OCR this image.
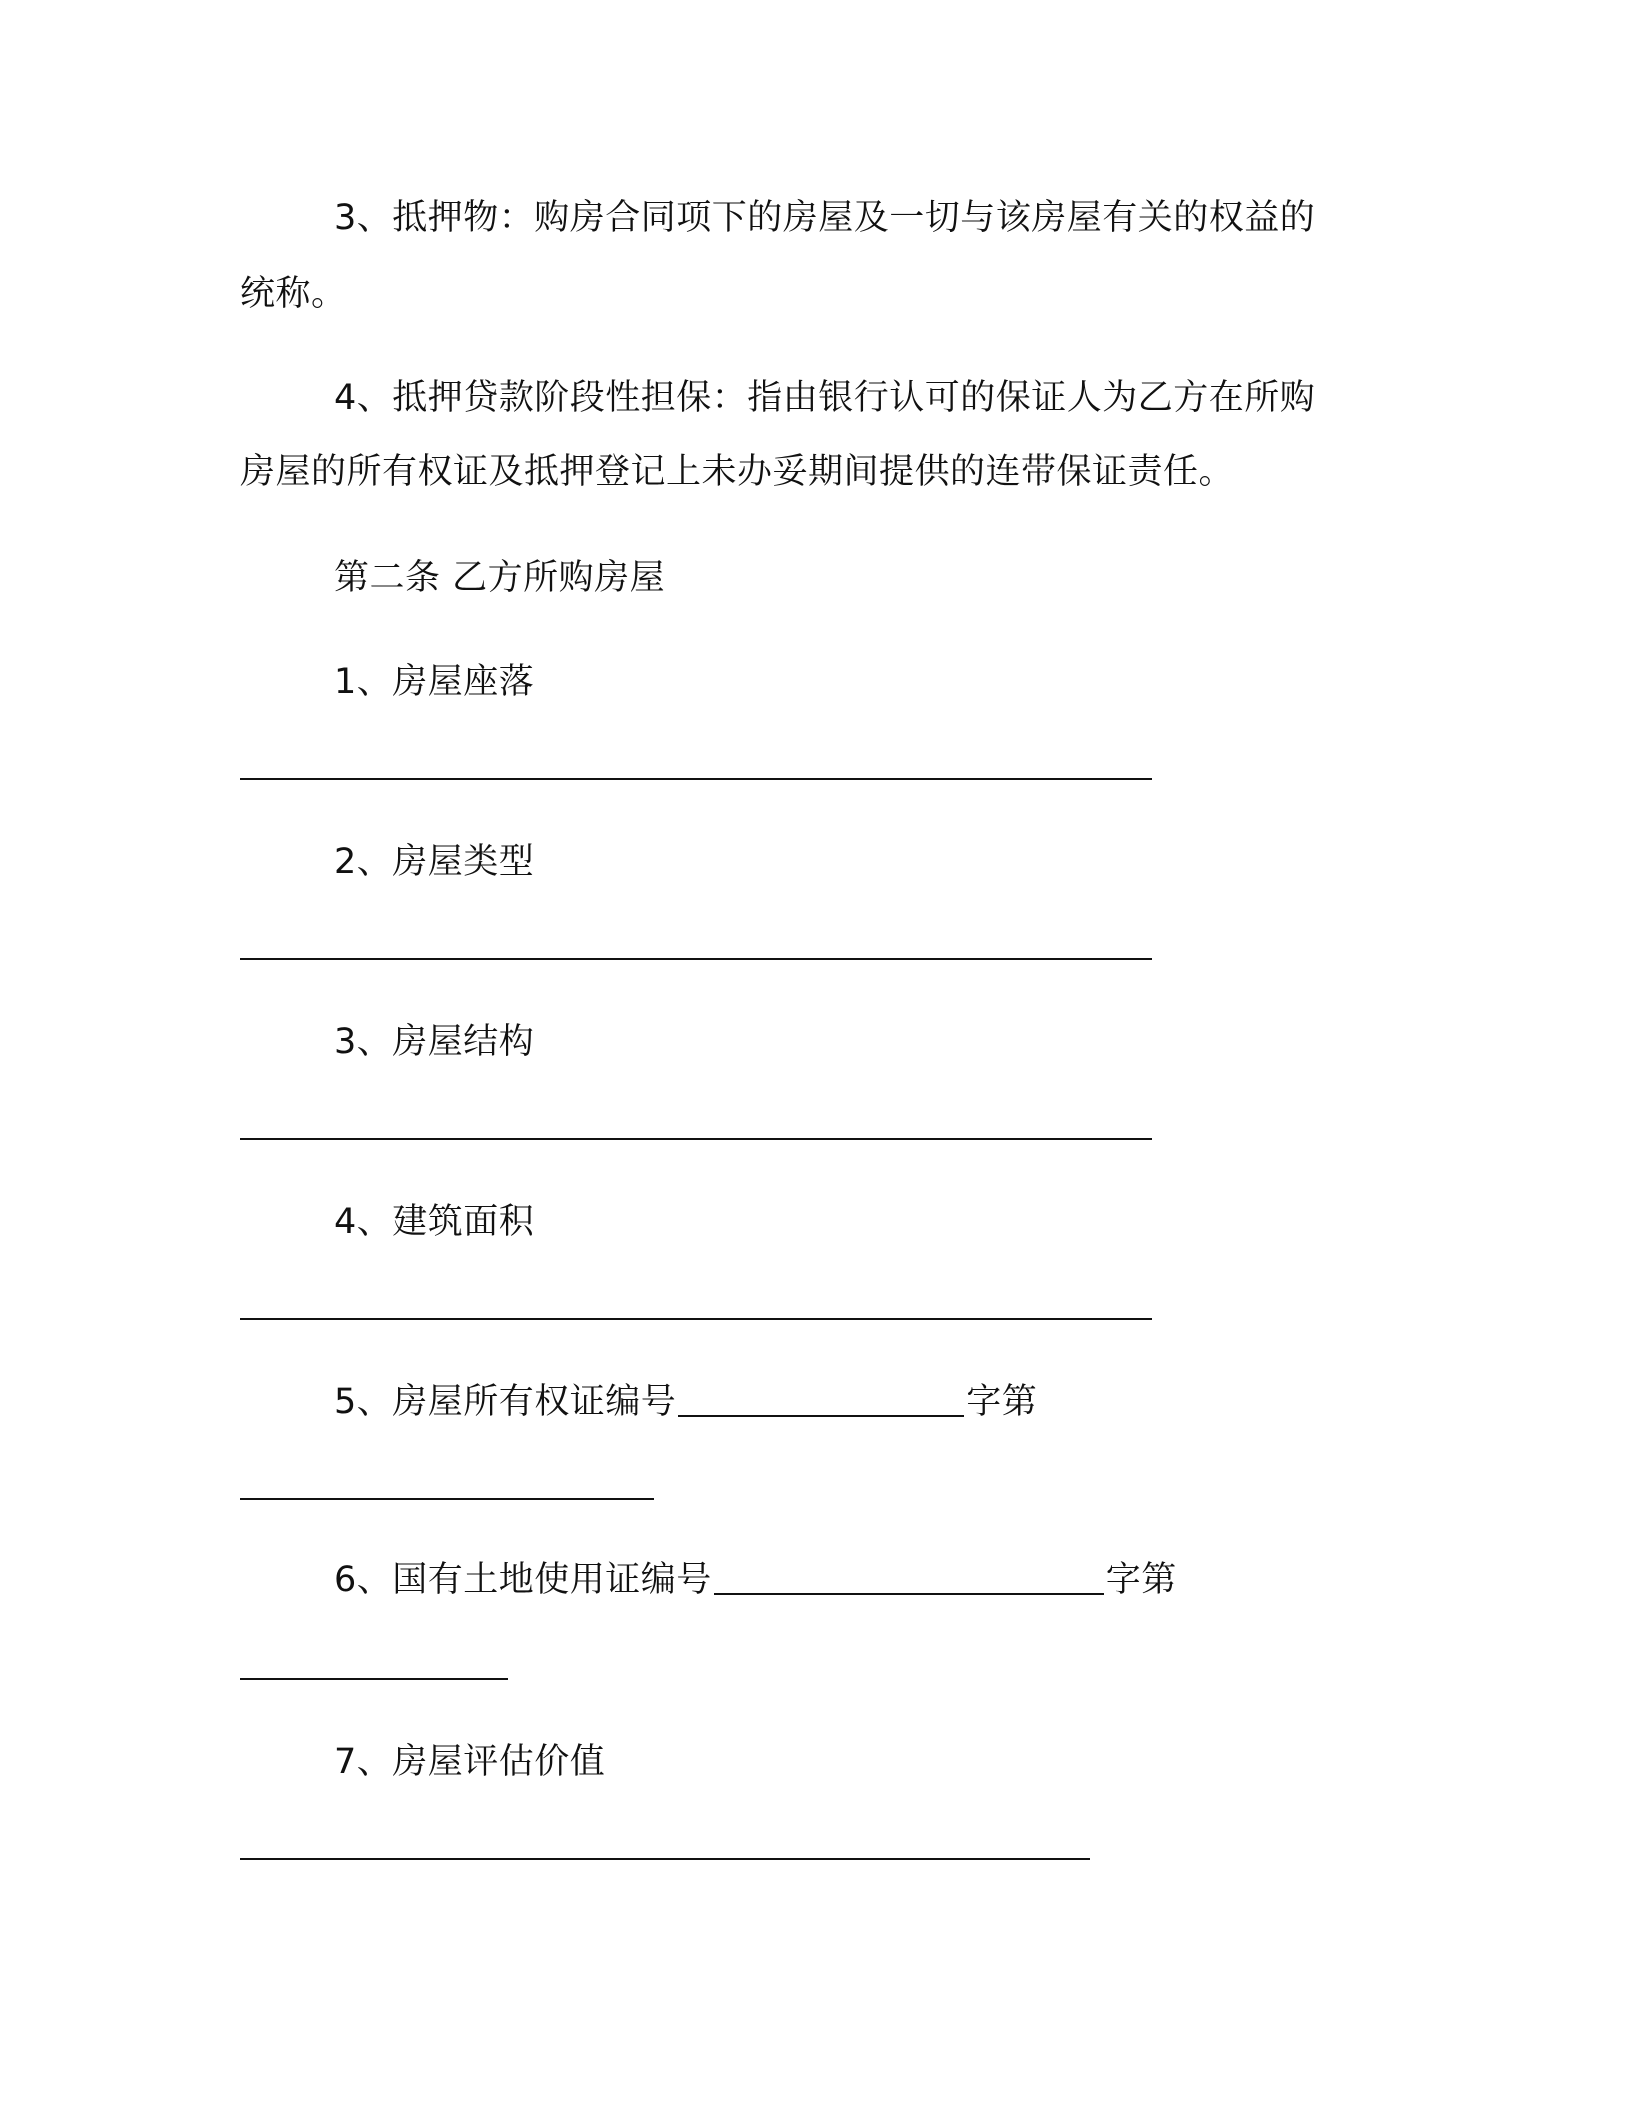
3、抵押物：购房合同项下的房屋及一切与该房屋有关的权益的
统称。
4、抵押贷款阶段性担保：指由银行认可的保证人为乙方在所购
房屋的所有权证及抵押登记上未办妥期间提供的连带保证责任。
第二条 乙方所购房屋
1、房屋座落
2、房屋类型
3、房屋结构
4、建筑面积
5、房屋所有权证编号	字第
6、国有土地使用证编号	字第
7、房屋评估价值
